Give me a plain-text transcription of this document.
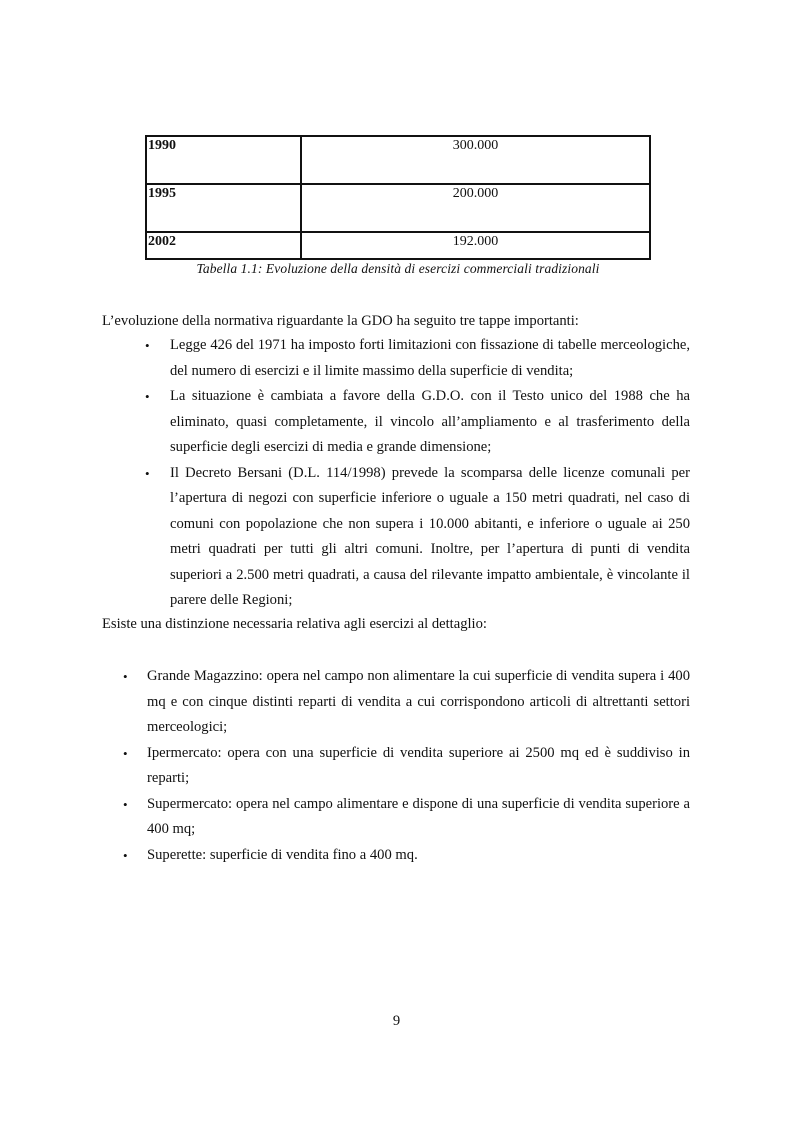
1990	300.000
1995	200.000
2002	192.000
Tabella 1.1: Evoluzione della densità di esercizi commerciali tradizionali

L’evoluzione della normativa riguardante la GDO ha seguito tre tappe importanti:

• Legge 426 del 1971 ha imposto forti limitazioni con fissazione di tabelle merceologiche, del numero di esercizi e il limite massimo della superficie di vendita;
• La situazione è cambiata a favore della G.D.O. con il Testo unico del 1988 che ha eliminato, quasi completamente, il vincolo all’ampliamento e al trasferimento della superficie degli esercizi di media e grande dimensione;
• Il Decreto Bersani (D.L. 114/1998) prevede la scomparsa delle licenze comunali per l’apertura di negozi con superficie inferiore o uguale a 150 metri quadrati, nel caso di comuni con popolazione che non supera i 10.000 abitanti, e inferiore o uguale ai 250 metri quadrati per tutti gli altri comuni. Inoltre, per l’apertura di punti di vendita superiori a 2.500 metri quadrati, a causa del rilevante impatto ambientale, è vincolante il parere delle Regioni;

Esiste una distinzione necessaria relativa agli esercizi al dettaglio:

• Grande Magazzino: opera nel campo non alimentare la cui superficie di vendita supera i 400 mq e con cinque distinti reparti di vendita a cui corrispondono articoli di altrettanti settori merceologici;
• Ipermercato: opera con una superficie di vendita superiore ai 2500 mq ed è suddiviso in reparti;
• Supermercato: opera nel campo alimentare e dispone di una superficie di vendita superiore a 400 mq;
• Superette: superficie di vendita fino a 400 mq.
9
